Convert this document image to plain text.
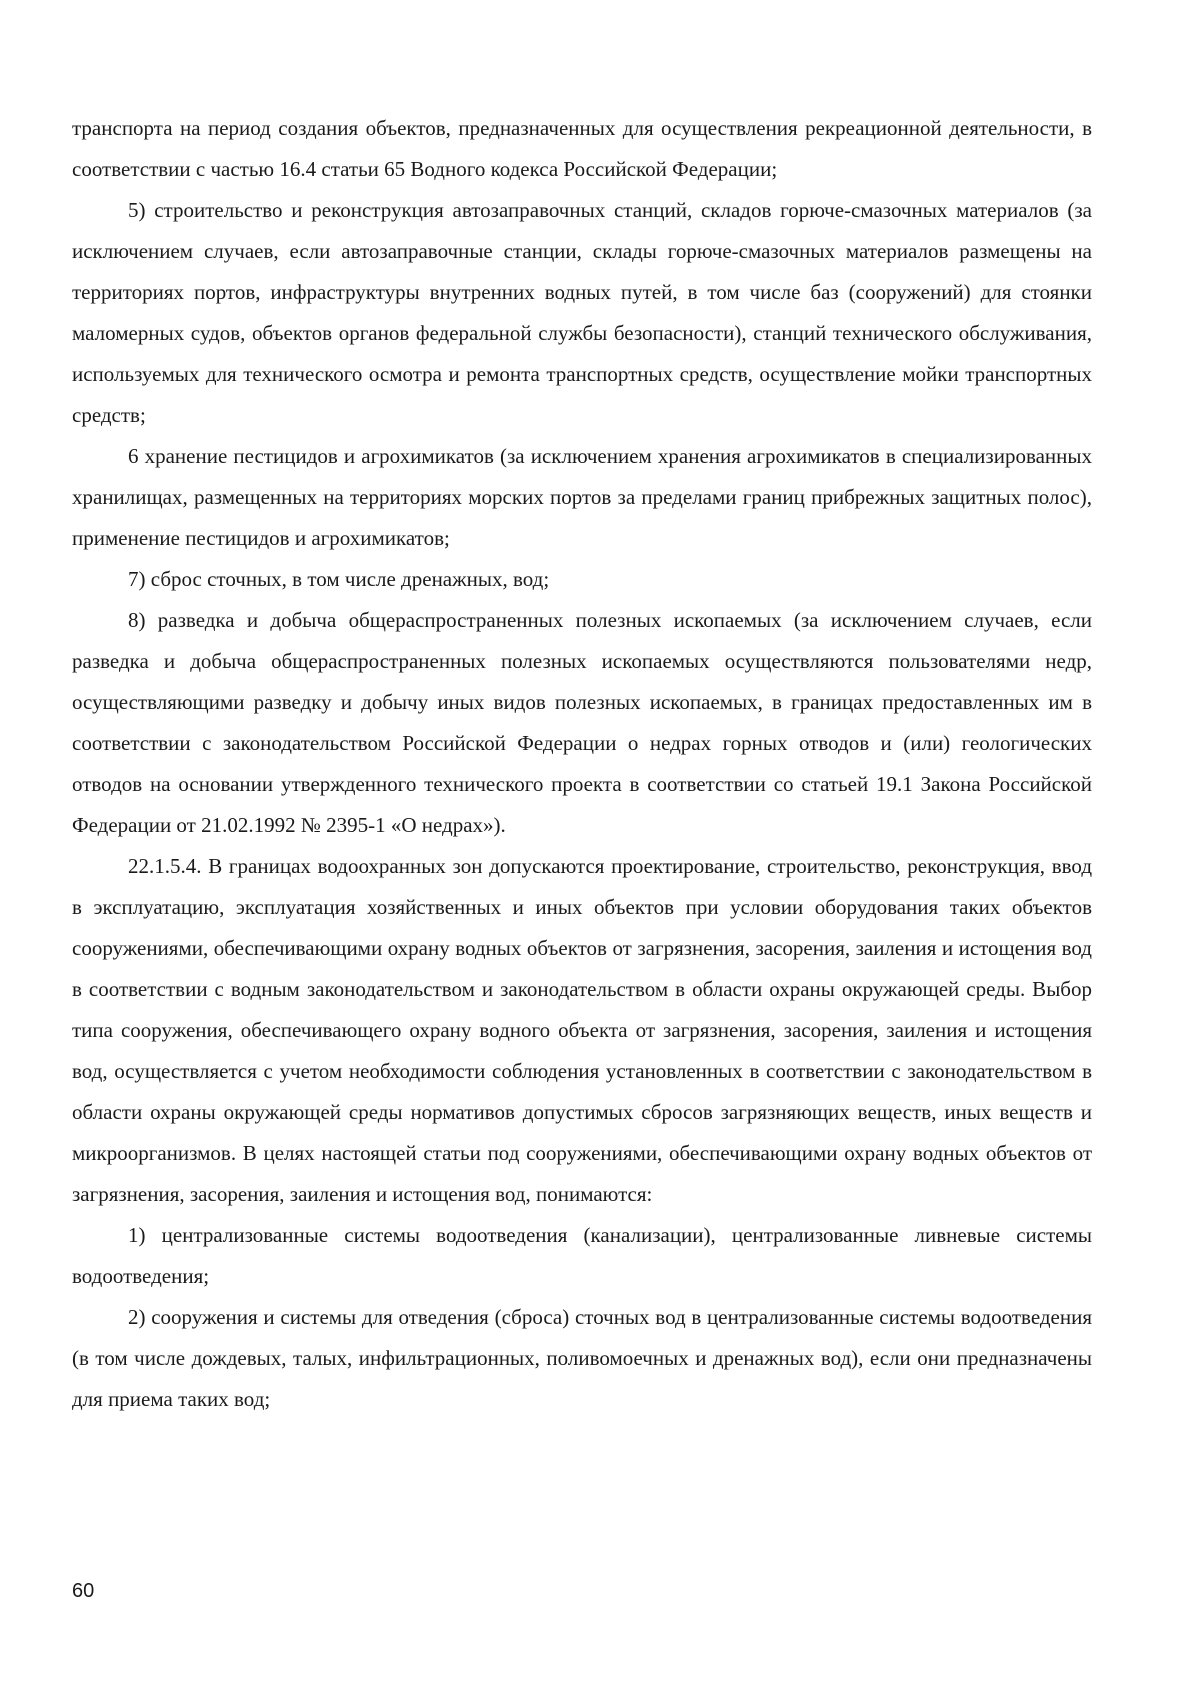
транспорта на период создания объектов, предназначенных для осуществления рекреационной деятельности, в соответствии с частью 16.4 статьи 65 Водного кодекса Российской Федерации;

5) строительство и реконструкция автозаправочных станций, складов горюче-смазочных материалов (за исключением случаев, если автозаправочные станции, склады горюче-смазочных материалов размещены на территориях портов, инфраструктуры внутренних водных путей, в том числе баз (сооружений) для стоянки маломерных судов, объектов органов федеральной службы безопасности), станций технического обслуживания, используемых для технического осмотра и ремонта транспортных средств, осуществление мойки транспортных средств;

6 хранение пестицидов и агрохимикатов (за исключением хранения агрохимикатов в специализированных хранилищах, размещенных на территориях морских портов за пределами границ прибрежных защитных полос), применение пестицидов и агрохимикатов;

7) сброс сточных, в том числе дренажных, вод;

8) разведка и добыча общераспространенных полезных ископаемых (за исключением случаев, если разведка и добыча общераспространенных полезных ископаемых осуществляются пользователями недр, осуществляющими разведку и добычу иных видов полезных ископаемых, в границах предоставленных им в соответствии с законодательством Российской Федерации о недрах горных отводов и (или) геологических отводов на основании утвержденного технического проекта в соответствии со статьей 19.1 Закона Российской Федерации от 21.02.1992 № 2395-1 «О недрах»).

22.1.5.4. В границах водоохранных зон допускаются проектирование, строительство, реконструкция, ввод в эксплуатацию, эксплуатация хозяйственных и иных объектов при условии оборудования таких объектов сооружениями, обеспечивающими охрану водных объектов от загрязнения, засорения, заиления и истощения вод в соответствии с водным законодательством и законодательством в области охраны окружающей среды. Выбор типа сооружения, обеспечивающего охрану водного объекта от загрязнения, засорения, заиления и истощения вод, осуществляется с учетом необходимости соблюдения установленных в соответствии с законодательством в области охраны окружающей среды нормативов допустимых сбросов загрязняющих веществ, иных веществ и микроорганизмов. В целях настоящей статьи под сооружениями, обеспечивающими охрану водных объектов от загрязнения, засорения, заиления и истощения вод, понимаются:

1) централизованные системы водоотведения (канализации), централизованные ливневые системы водоотведения;

2) сооружения и системы для отведения (сброса) сточных вод в централизованные системы водоотведения (в том числе дождевых, талых, инфильтрационных, поливомоечных и дренажных вод), если они предназначены для приема таких вод;

60
